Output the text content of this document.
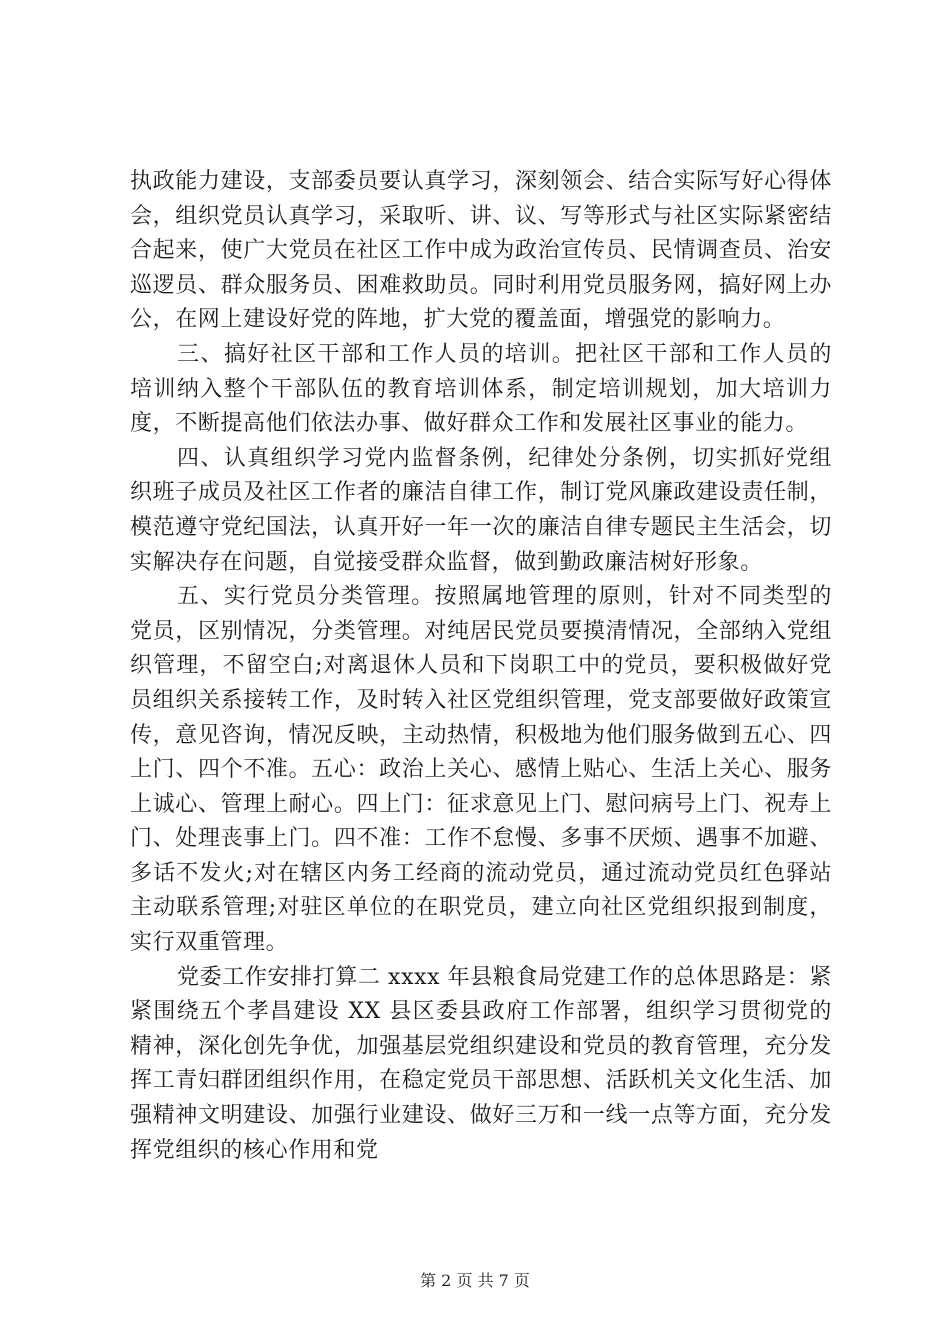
执政能力建设，支部委员要认真学习，深刻领会、结合实际写好心得体会，组织党员认真学习，采取听、讲、议、写等形式与社区实际紧密结合起来，使广大党员在社区工作中成为政治宣传员、民情调查员、治安巡逻员、群众服务员、困难救助员。同时利用党员服务网，搞好网上办公，在网上建设好党的阵地，扩大党的覆盖面，增强党的影响力。

三、搞好社区干部和工作人员的培训。把社区干部和工作人员的培训纳入整个干部队伍的教育培训体系，制定培训规划，加大培训力度，不断提高他们依法办事、做好群众工作和发展社区事业的能力。

四、认真组织学习党内监督条例，纪律处分条例，切实抓好党组织班子成员及社区工作者的廉洁自律工作，制订党风廉政建设责任制，模范遵守党纪国法，认真开好一年一次的廉洁自律专题民主生活会，切实解决存在问题，自觉接受群众监督，做到勤政廉洁树好形象。

五、实行党员分类管理。按照属地管理的原则，针对不同类型的党员，区别情况，分类管理。对纯居民党员要摸清情况，全部纳入党组织管理，不留空白;对离退休人员和下岗职工中的党员，要积极做好党员组织关系接转工作，及时转入社区党组织管理，党支部要做好政策宣传，意见咨询，情况反映，主动热情，积极地为他们服务做到五心、四上门、四个不准。五心：政治上关心、感情上贴心、生活上关心、服务上诚心、管理上耐心。四上门：征求意见上门、慰问病号上门、祝寿上门、处理丧事上门。四不准：工作不怠慢、多事不厌烦、遇事不加避、多话不发火;对在辖区内务工经商的流动党员，通过流动党员红色驿站主动联系管理;对驻区单位的在职党员，建立向社区党组织报到制度，实行双重管理。

党委工作安排打算二 xxxx 年县粮食局党建工作的总体思路是：紧紧围绕五个孝昌建设 XX 县区委县政府工作部署，组织学习贯彻党的精神，深化创先争优，加强基层党组织建设和党员的教育管理，充分发挥工青妇群团组织作用，在稳定党员干部思想、活跃机关文化生活、加强精神文明建设、加强行业建设、做好三万和一线一点等方面，充分发挥党组织的核心作用和党

第 2 页 共 7 页
